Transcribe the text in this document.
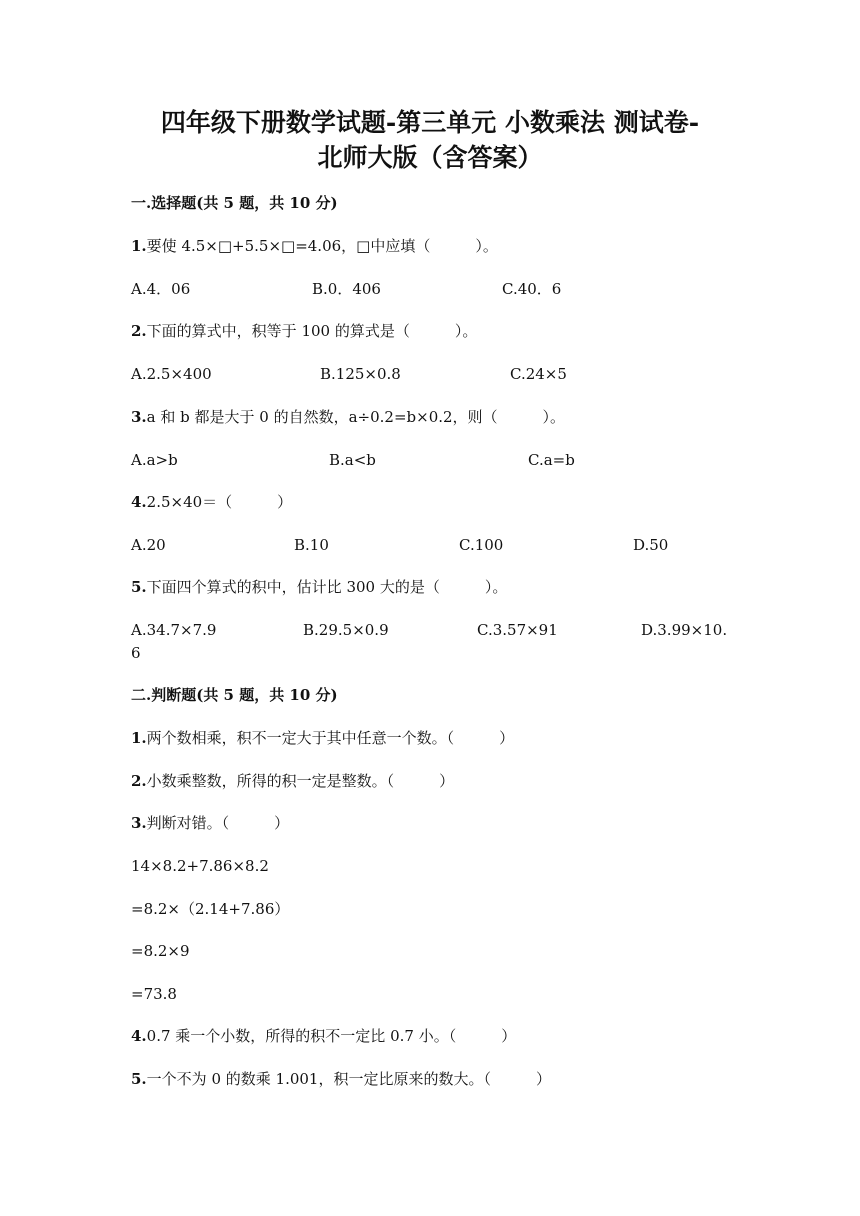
四年级下册数学试题-第三单元 小数乘法 测试卷-
北师大版（含答案）
一.选择题(共 5 题，共 10 分)
1.要使 4.5×□+5.5×□=4.06，□中应填（　　　）。
A.4．06	B.0．406	C.40．6
2.下面的算式中，积等于 100 的算式是（　　　）。
A.2.5×400	B.125×0.8	C.24×5
3.a 和 b 都是大于 0 的自然数，a÷0.2=b×0.2，则（　　　）。
A.a>b	B.a<b	C.a=b
4.2.5×40＝（　　　）
A.20	B.10	C.100	D.50
5.下面四个算式的积中，估计比 300 大的是（　　　）。
A.34.7×7.9	B.29.5×0.9	C.3.57×91	D.3.99×10.
6
二.判断题(共 5 题，共 10 分)
1.两个数相乘，积不一定大于其中任意一个数。（　　　）
2.小数乘整数，所得的积一定是整数。（　　　）
3.判断对错。（　　　）
14×8.2+7.86×8.2
=8.2×（2.14+7.86）
=8.2×9
=73.8
4.0.7 乘一个小数，所得的积不一定比 0.7 小。（　　　）
5.一个不为 0 的数乘 1.001，积一定比原来的数大。（　　　）
